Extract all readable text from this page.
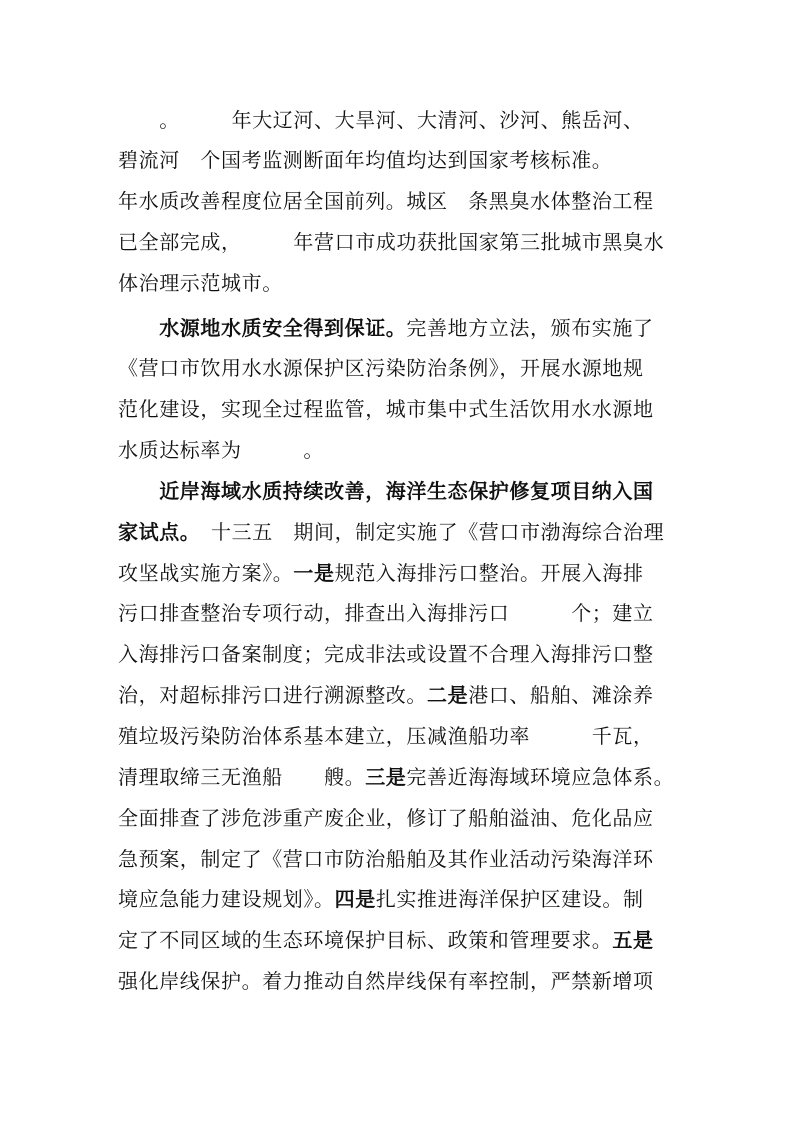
　　。　　　年大辽河、大旱河、大清河、沙河、熊岳河、
碧流河　个国考监测断面年均值均达到国家考核标准。
年水质改善程度位居全国前列。城区　条黑臭水体整治工程
已全部完成，　　　年营口市成功获批国家第三批城市黑臭水
体治理示范城市。
　　水源地水质安全得到保证。完善地方立法，颁布实施了
《营口市饮用水水源保护区污染防治条例》，开展水源地规
范化建设，实现全过程监管，城市集中式生活饮用水水源地
水质达标率为　　　。
　　近岸海域水质持续改善，海洋生态保护修复项目纳入国
家试点。　十三五　期间，制定实施了《营口市渤海综合治理
攻坚战实施方案》。一是规范入海排污口整治。开展入海排
污口排查整治专项行动，排查出入海排污口　　　个；建立
入海排污口备案制度；完成非法或设置不合理入海排污口整
治，对超标排污口进行溯源整改。二是港口、船舶、滩涂养
殖垃圾污染防治体系基本建立，压减渔船功率　　　千瓦，
清理取缔三无渔船　　艘。三是完善近海海域环境应急体系。
全面排查了涉危涉重产废企业，修订了船舶溢油、危化品应
急预案，制定了《营口市防治船舶及其作业活动污染海洋环
境应急能力建设规划》。四是扎实推进海洋保护区建设。制
定了不同区域的生态环境保护目标、政策和管理要求。五是
强化岸线保护。着力推动自然岸线保有率控制，严禁新增项
